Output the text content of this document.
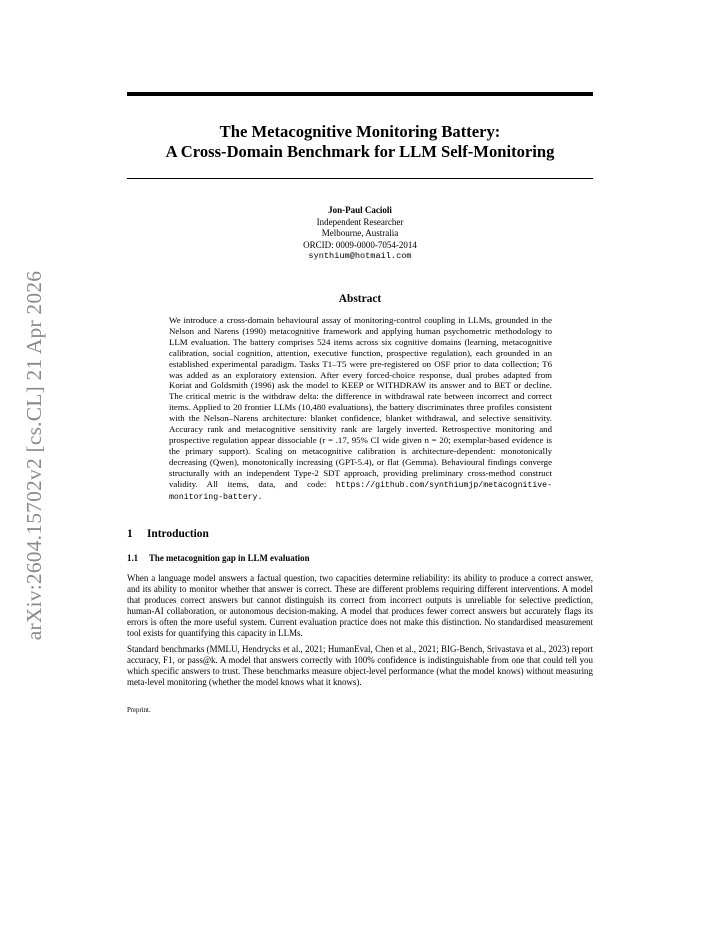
arXiv:2604.15702v2 [cs.CL] 21 Apr 2026
The Metacognitive Monitoring Battery:
A Cross-Domain Benchmark for LLM Self-Monitoring
Jon-Paul Cacioli
Independent Researcher
Melbourne, Australia
ORCID: 0009-0000-7054-2014
synthium@hotmail.com
Abstract
We introduce a cross-domain behavioural assay of monitoring-control coupling in LLMs, grounded in the Nelson and Narens (1990) metacognitive framework and applying human psychometric methodology to LLM evaluation. The battery comprises 524 items across six cognitive domains (learning, metacognitive calibration, social cognition, attention, executive function, prospective regulation), each grounded in an established experimental paradigm. Tasks T1–T5 were pre-registered on OSF prior to data collection; T6 was added as an exploratory extension. After every forced-choice response, dual probes adapted from Koriat and Goldsmith (1996) ask the model to KEEP or WITHDRAW its answer and to BET or decline. The critical metric is the withdraw delta: the difference in withdrawal rate between incorrect and correct items. Applied to 20 frontier LLMs (10,480 evaluations), the battery discriminates three profiles consistent with the Nelson–Narens architecture: blanket confidence, blanket withdrawal, and selective sensitivity. Accuracy rank and metacognitive sensitivity rank are largely inverted. Retrospective monitoring and prospective regulation appear dissociable (r = .17, 95% CI wide given n = 20; exemplar-based evidence is the primary support). Scaling on metacognitive calibration is architecture-dependent: monotonically decreasing (Qwen), monotonically increasing (GPT-5.4), or flat (Gemma). Behavioural findings converge structurally with an independent Type-2 SDT approach, providing preliminary cross-method construct validity. All items, data, and code: https://github.com/synthiumjp/metacognitive-monitoring-battery.
1	Introduction
1.1	The metacognition gap in LLM evaluation
When a language model answers a factual question, two capacities determine reliability: its ability to produce a correct answer, and its ability to monitor whether that answer is correct. These are different problems requiring different interventions. A model that produces correct answers but cannot distinguish its correct from incorrect outputs is unreliable for selective prediction, human-AI collaboration, or autonomous decision-making. A model that produces fewer correct answers but accurately flags its errors is often the more useful system. Current evaluation practice does not make this distinction. No standardised measurement tool exists for quantifying this capacity in LLMs.
Standard benchmarks (MMLU, Hendrycks et al., 2021; HumanEval, Chen et al., 2021; BIG-Bench, Srivastava et al., 2023) report accuracy, F1, or pass@k. A model that answers correctly with 100% confidence is indistinguishable from one that could tell you which specific answers to trust. These benchmarks measure object-level performance (what the model knows) without measuring meta-level monitoring (whether the model knows what it knows).
Preprint.
